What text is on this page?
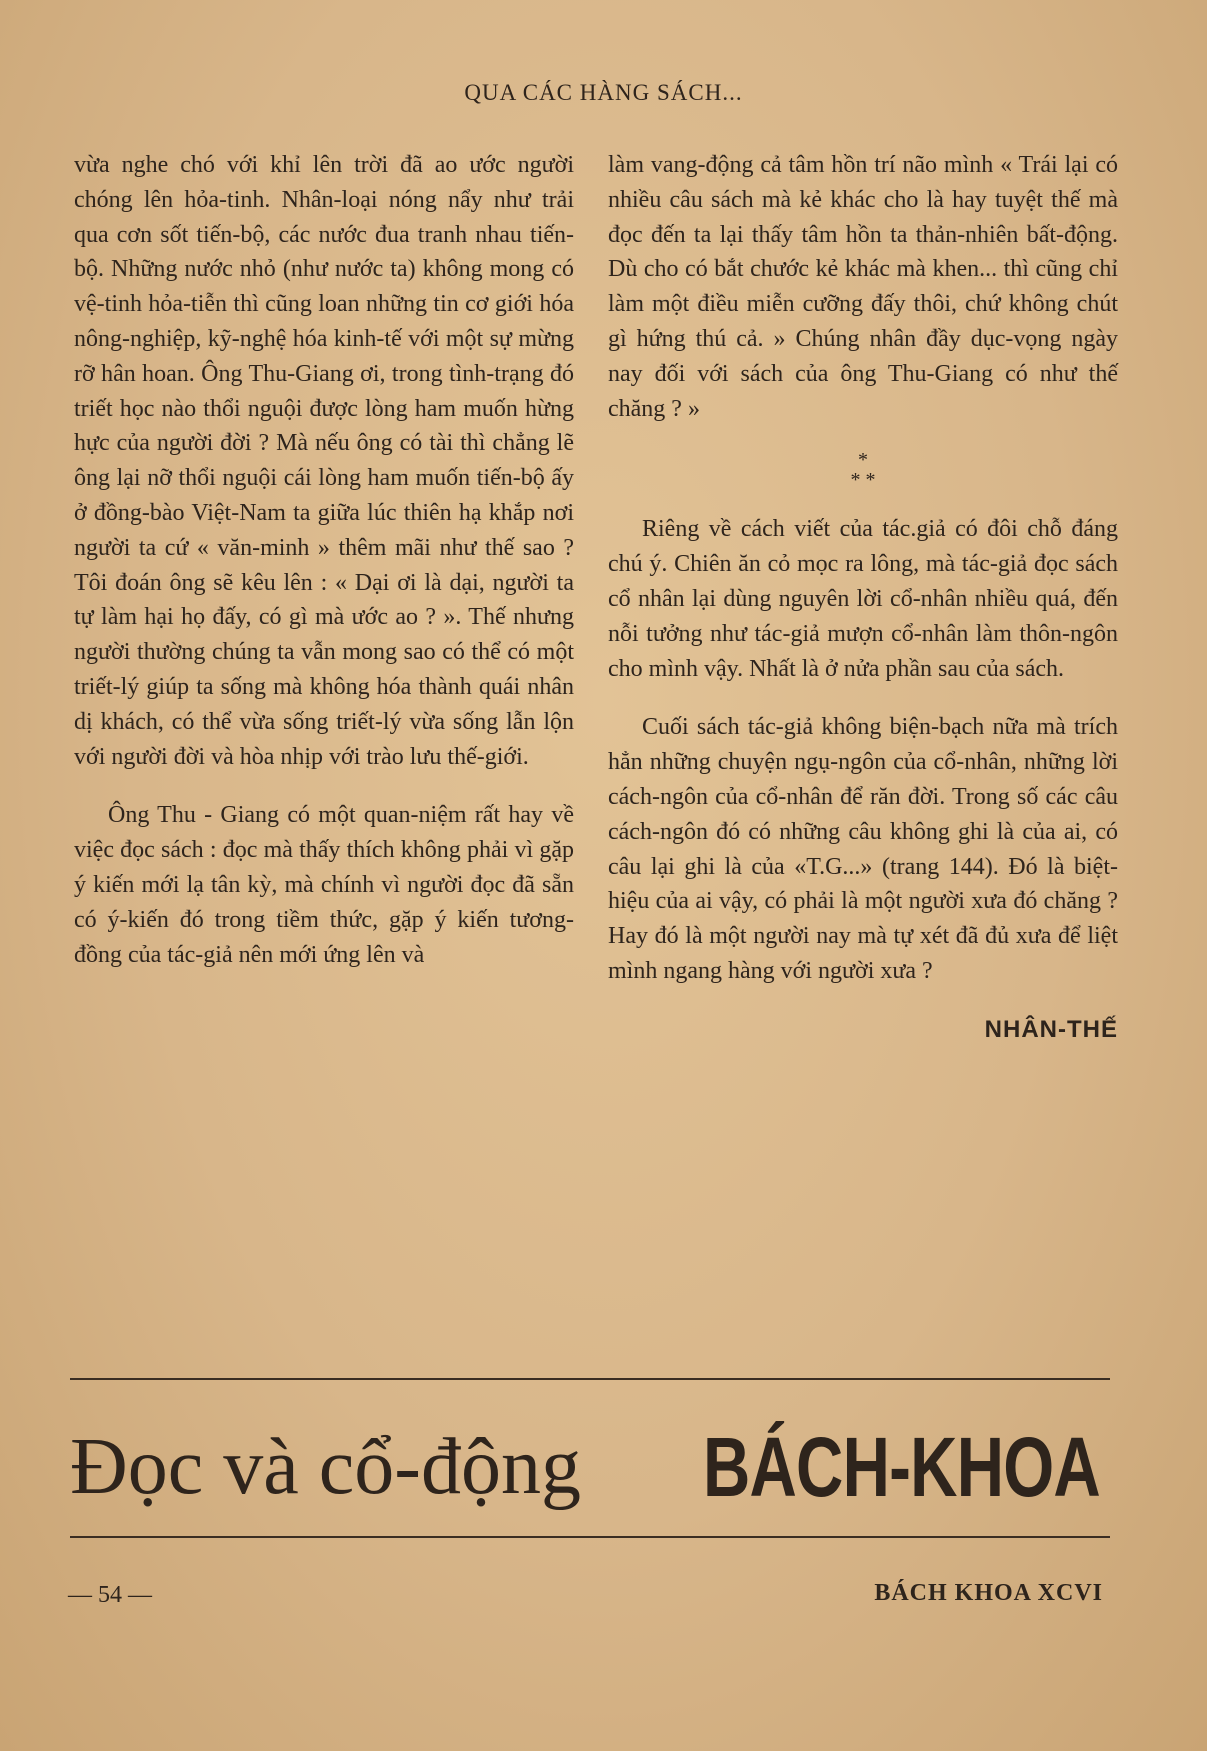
QUA CÁC HÀNG SÁCH...

vừa nghe chó với khỉ lên trời đã ao ước người chóng lên hỏa-tinh. Nhân-loại nóng nẩy như trải qua cơn sốt tiến-bộ, các nước đua tranh nhau tiến-bộ. Những nước nhỏ (như nước ta) không mong có vệ-tinh hỏa-tiễn thì cũng loan những tin cơ giới hóa nông-nghiệp, kỹ-nghệ hóa kinh-tế với một sự mừng rỡ hân hoan. Ông Thu-Giang ơi, trong tình-trạng đó triết học nào thổi nguội được lòng ham muốn hừng hực của người đời ? Mà nếu ông có tài thì chẳng lẽ ông lại nỡ thổi nguội cái lòng ham muốn tiến-bộ ấy ở đồng-bào Việt-Nam ta giữa lúc thiên hạ khắp nơi người ta cứ « văn-minh » thêm mãi như thế sao ? Tôi đoán ông sẽ kêu lên : « Dại ơi là dại, người ta tự làm hại họ đấy, có gì mà ước ao ? ». Thế nhưng người thường chúng ta vẫn mong sao có thể có một triết-lý giúp ta sống mà không hóa thành quái nhân dị khách, có thể vừa sống triết-lý vừa sống lẫn lộn với người đời và hòa nhịp với trào lưu thế-giới.

Ông Thu - Giang có một quan-niệm rất hay về việc đọc sách : đọc mà thấy thích không phải vì gặp ý kiến mới lạ tân kỳ, mà chính vì người đọc đã sẵn có ý-kiến đó trong tiềm thức, gặp ý kiến tương-đồng của tác-giả nên mới ứng lên và

làm vang-động cả tâm hồn trí não mình « Trái lại có nhiều câu sách mà kẻ khác cho là hay tuyệt thế mà đọc đến ta lại thấy tâm hồn ta thản-nhiên bất-động. Dù cho có bắt chước kẻ khác mà khen... thì cũng chỉ làm một điều miễn cưỡng đấy thôi, chứ không chút gì hứng thú cả. » Chúng nhân đầy dục-vọng ngày nay đối với sách của ông Thu-Giang có như thế chăng ? »

*
* *

Riêng về cách viết của tác.giả có đôi chỗ đáng chú ý. Chiên ăn cỏ mọc ra lông, mà tác-giả đọc sách cổ nhân lại dùng nguyên lời cổ-nhân nhiều quá, đến nỗi tưởng như tác-giả mượn cổ-nhân làm thôn-ngôn cho mình vậy. Nhất là ở nửa phần sau của sách.

Cuối sách tác-giả không biện-bạch nữa mà trích hẳn những chuyện ngụ-ngôn của cổ-nhân, những lời cách-ngôn của cổ-nhân để răn đời. Trong số các câu cách-ngôn đó có những câu không ghi là của ai, có câu lại ghi là của «T.G...» (trang 144). Đó là biệt-hiệu của ai vậy, có phải là một người xưa đó chăng ? Hay đó là một người nay mà tự xét đã đủ xưa để liệt mình ngang hàng với người xưa ?

NHÂN-THẾ
Đọc và cổ-động BÁCH-KHOA
— 54 —	BÁCH KHOA XCVI
